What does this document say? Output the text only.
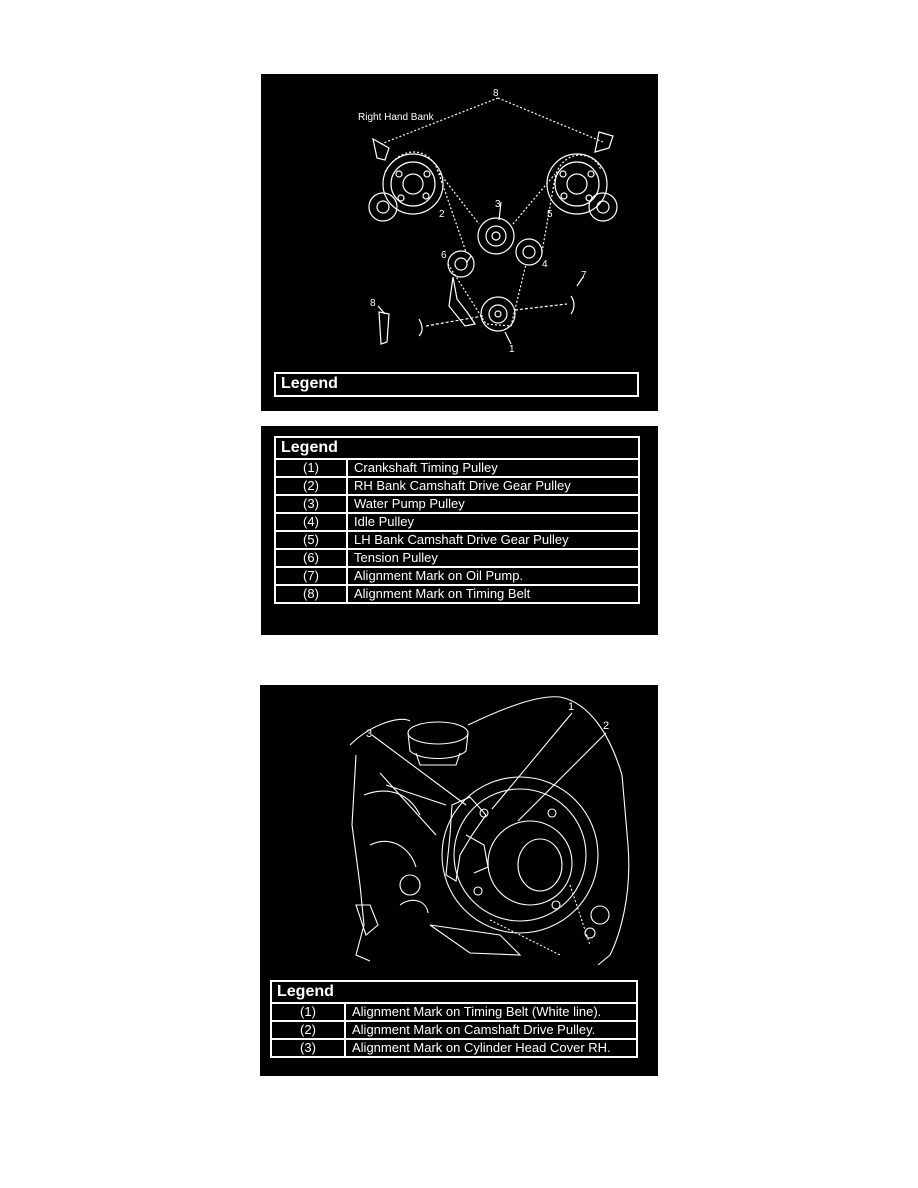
Right Hand Bank
8
2
3
5
6
4
7
8
1
Legend
Legend	
(1)	Crankshaft Timing Pulley
(2)	RH Bank Camshaft Drive Gear Pulley
(3)	Water Pump Pulley
(4)	Idle Pulley
(5)	LH Bank Camshaft Drive Gear Pulley
(6)	Tension Pulley
(7)	Alignment Mark on Oil Pump.
(8)	Alignment Mark on Timing Belt
1
2
3
Legend	
(1)	Alignment Mark on Timing Belt (White line).
(2)	Alignment Mark on Camshaft Drive Pulley.
(3)	Alignment Mark on Cylinder Head Cover RH.
